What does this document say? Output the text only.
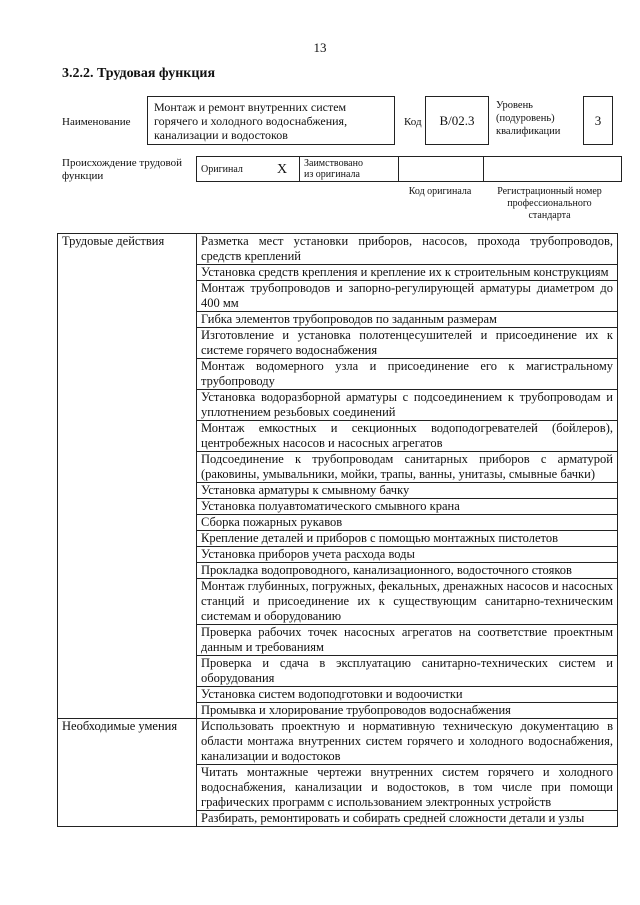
13
3.2.2. Трудовая функция
Наименование
Монтаж и ремонт внутренних систем горячего и холодного водоснабжения, канализации и водостоков
Код	В/02.3
Уровень
(подуровень)
квалификации
3
Происхождение трудовой
функции
Оригинал	X	Заимствовано
из оригинала

Код оригинала	Регистрационный номер
профессионального
стандарта
Трудовые действия	Разметка мест установки приборов, насосов, прохода трубопроводов, средств креплений
	Установка средств крепления и крепление их к строительным конструкциям
	Монтаж трубопроводов и запорно-регулирующей арматуры диаметром до 400 мм
	Гибка элементов трубопроводов по заданным размерам
	Изготовление и установка полотенцесушителей и присоединение их к системе горячего водоснабжения
	Монтаж водомерного узла и присоединение его к магистральному трубопроводу
	Установка водоразборной арматуры с подсоединением к трубопроводам и уплотнением резьбовых соединений
	Монтаж емкостных и секционных водоподогревателей (бойлеров), центробежных насосов и насосных агрегатов
	Подсоединение к трубопроводам санитарных приборов с арматурой (раковины, умывальники, мойки, трапы, ванны, унитазы, смывные бачки)
	Установка арматуры к смывному бачку
	Установка полуавтоматического смывного крана
	Сборка пожарных рукавов
	Крепление деталей и приборов с помощью монтажных пистолетов
	Установка приборов учета расхода воды
	Прокладка водопроводного, канализационного, водосточного стояков
	Монтаж глубинных, погружных, фекальных, дренажных насосов и насосных станций и присоединение их к существующим санитарно-техническим системам и оборудованию
	Проверка рабочих точек насосных агрегатов на соответствие проектным данным и требованиям
	Проверка и сдача в эксплуатацию санитарно-технических систем и оборудования
	Установка систем водоподготовки и водоочистки
	Промывка и хлорирование трубопроводов водоснабжения
Необходимые умения	Использовать проектную и нормативную техническую документацию в области монтажа внутренних систем горячего и холодного водоснабжения, канализации и водостоков
	Читать монтажные чертежи внутренних систем горячего и холодного водоснабжения, канализации и водостоков, в том числе при помощи графических программ с использованием электронных устройств
	Разбирать, ремонтировать и собирать средней сложности детали и узлы
